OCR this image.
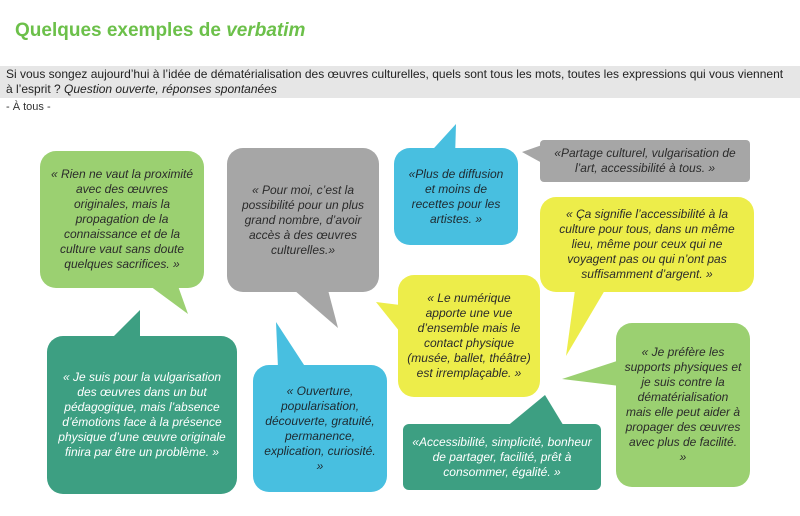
Quelques exemples de verbatim
Si vous songez aujourd’hui à l’idée de dématérialisation des œuvres culturelles, quels sont tous les mots, toutes les expressions qui vous viennent à l’esprit ? Question ouverte, réponses spontanées
- À tous -
« Rien ne vaut la proximité avec des œuvres originales, mais la propagation de la connaissance et de la culture vaut sans doute quelques sacrifices. »
« Pour moi, c’est la possibilité pour un plus grand nombre, d’avoir accès à des œuvres culturelles.»
«Plus de diffusion et moins de recettes pour les artistes. »
«Partage culturel, vulgarisation de l’art, accessibilité à tous. »
« Ça signifie l’accessibilité à la culture pour tous, dans un même lieu, même pour ceux qui ne voyagent pas ou qui n’ont pas suffisamment d’argent. »
« Je suis pour la vulgarisation des œuvres dans un but pédagogique, mais l’absence d’émotions face à la présence physique d’une œuvre originale finira par être un problème. »
« Ouverture, popularisation, découverte, gratuité, permanence, explication, curiosité. »
« Le numérique apporte une vue d’ensemble mais le contact physique (musée, ballet, théâtre) est irremplaçable. »
« Je préfère les supports physiques et je suis contre la dématérialisation mais elle peut aider à propager des œuvres avec plus de facilité. »
«Accessibilité, simplicité, bonheur de partager, facilité, prêt à consommer, égalité. »
